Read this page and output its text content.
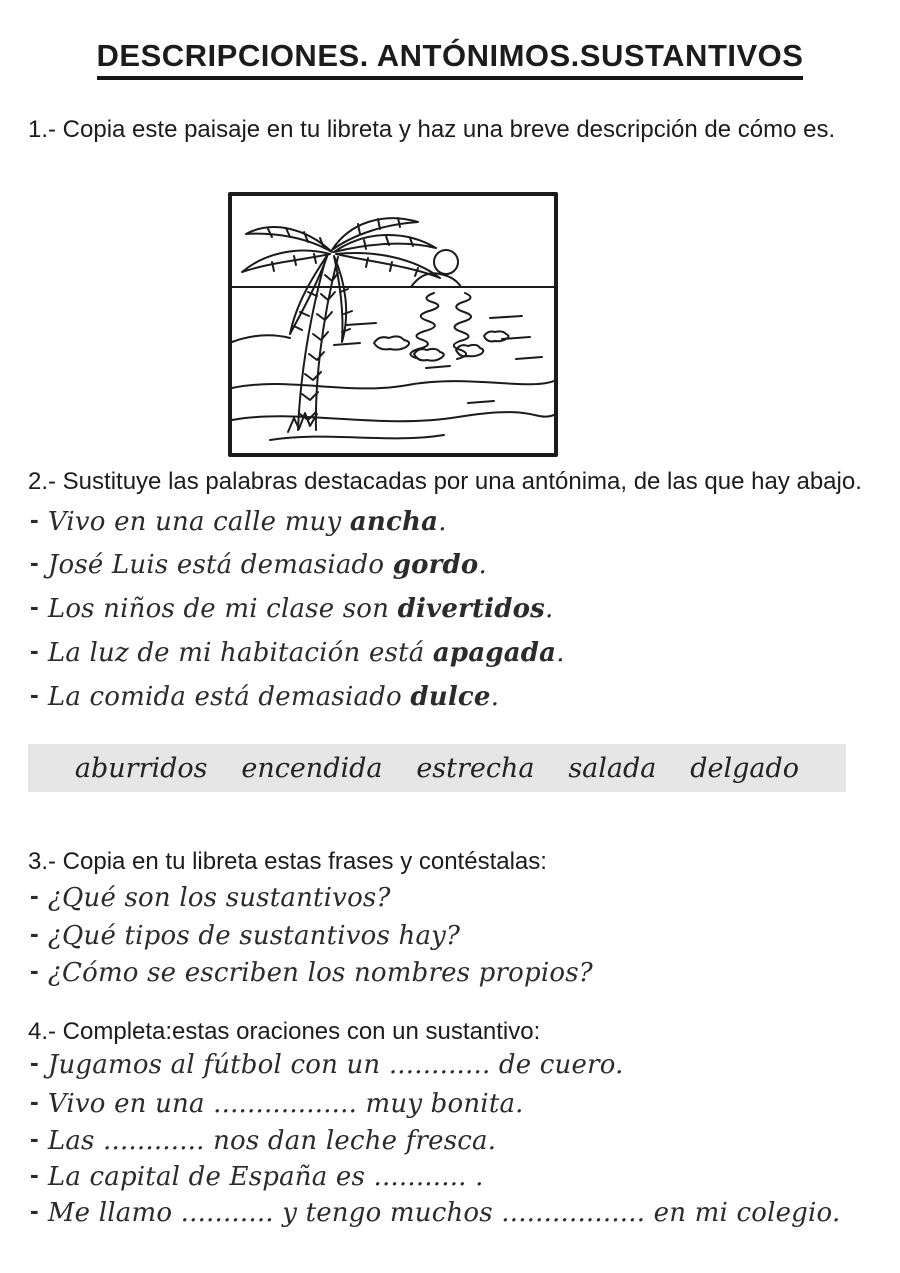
DESCRIPCIONES. ANTÓNIMOS.SUSTANTIVOS
1.- Copia este paisaje en tu libreta y haz una breve descripción de cómo es.
2.- Sustituye las palabras destacadas por una antónima, de las que hay abajo.
- Vivo en una calle muy ancha.
- José Luis está demasiado gordo.
- Los niños de mi clase son divertidos.
- La luz de mi habitación está apagada.
- La comida está demasiado dulce.
aburridos encendida estrecha salada delgado
3.- Copia en tu libreta estas frases y contéstalas:
- ¿Qué son los sustantivos?
- ¿Qué tipos de sustantivos hay?
- ¿Cómo se escriben los nombres propios?
4.- Completa:estas oraciones con un sustantivo:
- Jugamos al fútbol con un ............ de cuero.
- Vivo en una ................. muy bonita.
- Las ............ nos dan leche fresca.
- La capital de España es ........... .
- Me llamo ........... y tengo muchos ................. en mi colegio.
